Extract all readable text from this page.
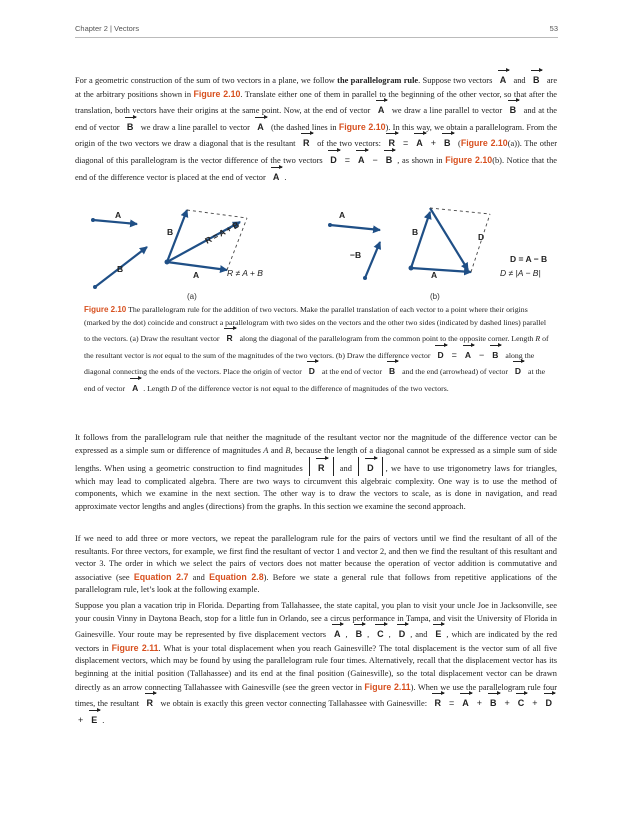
Chapter 2 | Vectors	53
For a geometric construction of the sum of two vectors in a plane, we follow the parallelogram rule. Suppose two vectors A and B are at the arbitrary positions shown in Figure 2.10. Translate either one of them in parallel to the beginning of the other vector, so that after the translation, both vectors have their origins at the same point. Now, at the end of vector A we draw a line parallel to vector B and at the end of vector B we draw a line parallel to vector A (the dashed lines in Figure 2.10). In this way, we obtain a parallelogram. From the origin of the two vectors we draw a diagonal that is the resultant R of the two vectors: R = A + B (Figure 2.10(a)). The other diagonal of this parallelogram is the vector difference of the two vectors D = A − B , as shown in Figure 2.10(b). Notice that the end of the difference vector is placed at the end of vector A .
A
B
B
A
A
−B
B
A
D
R = A + B
D = A − B
R ≠ A + B	D ≠ |A − B|
(a)	(b)
Figure 2.10 The parallelogram rule for the addition of two vectors. Make the parallel translation of each vector to a point where their origins (marked by the dot) coincide and construct a parallelogram with two sides on the vectors and the other two sides (indicated by dashed lines) parallel to the vectors. (a) Draw the resultant vector R along the diagonal of the parallelogram from the common point to the opposite corner. Length R of the resultant vector is not equal to the sum of the magnitudes of the two vectors. (b) Draw the difference vector D = A − B along the diagonal connecting the ends of the vectors. Place the origin of vector D at the end of vector B and the end (arrowhead) of vector D at the end of vector A . Length D of the difference vector is not equal to the difference of magnitudes of the two vectors.
It follows from the parallelogram rule that neither the magnitude of the resultant vector nor the magnitude of the difference vector can be expressed as a simple sum or difference of magnitudes A and B, because the length of a diagonal cannot be expressed as a simple sum of side lengths. When using a geometric construction to find magnitudes R and D , we have to use trigonometry laws for triangles, which may lead to complicated algebra. There are two ways to circumvent this algebraic complexity. One way is to use the method of components, which we examine in the next section. The other way is to draw the vectors to scale, as is done in navigation, and read approximate vector lengths and angles (directions) from the graphs. In this section we examine the second approach.
If we need to add three or more vectors, we repeat the parallelogram rule for the pairs of vectors until we find the resultant of all of the resultants. For three vectors, for example, we first find the resultant of vector 1 and vector 2, and then we find the resultant of this resultant and vector 3. The order in which we select the pairs of vectors does not matter because the operation of vector addition is commutative and associative (see Equation 2.7 and Equation 2.8). Before we state a general rule that follows from repetitive applications of the parallelogram rule, let’s look at the following example.
Suppose you plan a vacation trip in Florida. Departing from Tallahassee, the state capital, you plan to visit your uncle Joe in Jacksonville, see your cousin Vinny in Daytona Beach, stop for a little fun in Orlando, see a circus performance in Tampa, and visit the University of Florida in Gainesville. Your route may be represented by five displacement vectors A , B , C , D , and E , which are indicated by the red vectors in Figure 2.11. What is your total displacement when you reach Gainesville? The total displacement is the vector sum of all five displacement vectors, which may be found by using the parallelogram rule four times. Alternatively, recall that the displacement vector has its beginning at the initial position (Tallahassee) and its end at the final position (Gainesville), so the total displacement vector can be drawn directly as an arrow connecting Tallahassee with Gainesville (see the green vector in Figure 2.11). When we use the parallelogram rule four times, the resultant R we obtain is exactly this green vector connecting Tallahassee with Gainesville: R = A + B + C + D+ E .
